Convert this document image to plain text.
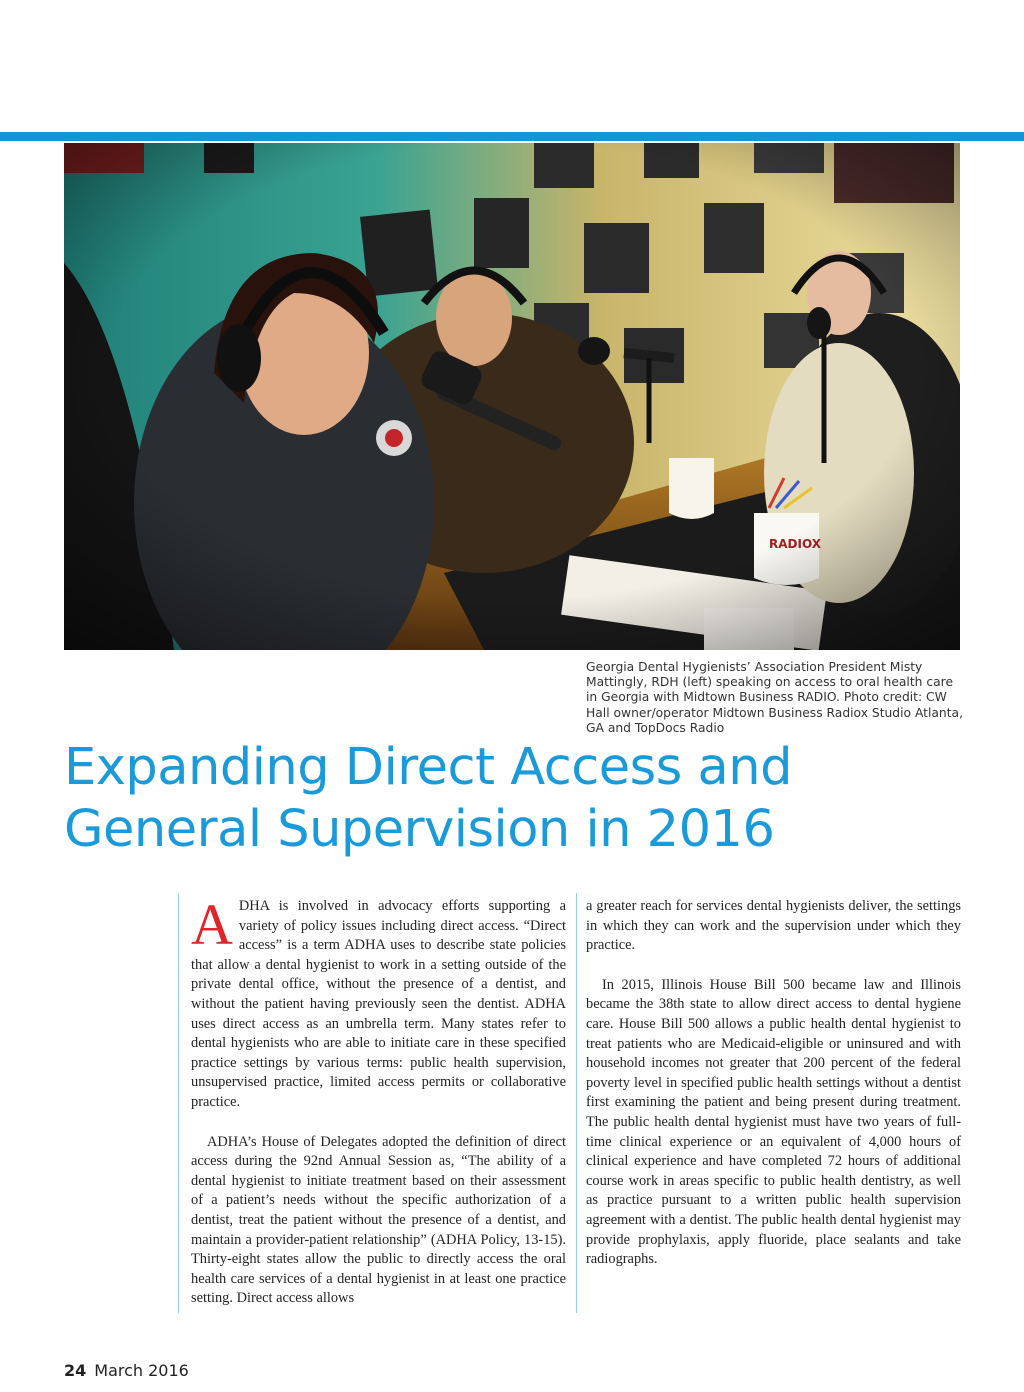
Georgia Dental Hygienists’ Association President Misty Mattingly, RDH (left) speaking on access to oral health care in Georgia with Midtown Business RADIO. Photo credit: CW Hall owner/operator Midtown Business Radiox Studio Atlanta, GA and TopDocs Radio
Expanding Direct Access and
General Supervision in 2016

ADHA is involved in advocacy efforts supporting a variety of policy issues including direct access. “Direct access” is a term ADHA uses to describe state policies that allow a dental hygienist to work in a setting outside of the private dental office, without the presence of a dentist, and without the patient having previously seen the dentist. ADHA uses direct access as an umbrella term. Many states refer to dental hygienists who are able to initiate care in these specified practice settings by various terms: public health supervision, unsupervised practice, limited access permits or collaborative practice.

ADHA’s House of Delegates adopted the definition of direct access during the 92nd Annual Session as, “The ability of a dental hygienist to initiate treatment based on their assessment of a patient’s needs without the specific authorization of a dentist, treat the patient without the presence of a dentist, and maintain a provider-patient relationship” (ADHA Policy, 13-15). Thirty-eight states allow the public to directly access the oral health care services of a dental hygienist in at least one practice setting. Direct access allows

a greater reach for services dental hygienists deliver, the settings in which they can work and the supervision under which they practice.

In 2015, Illinois House Bill 500 became law and Illinois became the 38th state to allow direct access to dental hygiene care. House Bill 500 allows a public health dental hygienist to treat patients who are Medicaid-eligible or uninsured and with household incomes not greater that 200 percent of the federal poverty level in specified public health settings without a dentist first examining the patient and being present during treatment. The public health dental hygienist must have two years of full-time clinical experience or an equivalent of 4,000 hours of clinical experience and have completed 72 hours of additional course work in areas specific to public health dentistry, as well as practice pursuant to a written public health supervision agreement with a dentist. The public health dental hygienist may provide prophylaxis, apply fluoride, place sealants and take radiographs.

24 March 2016
